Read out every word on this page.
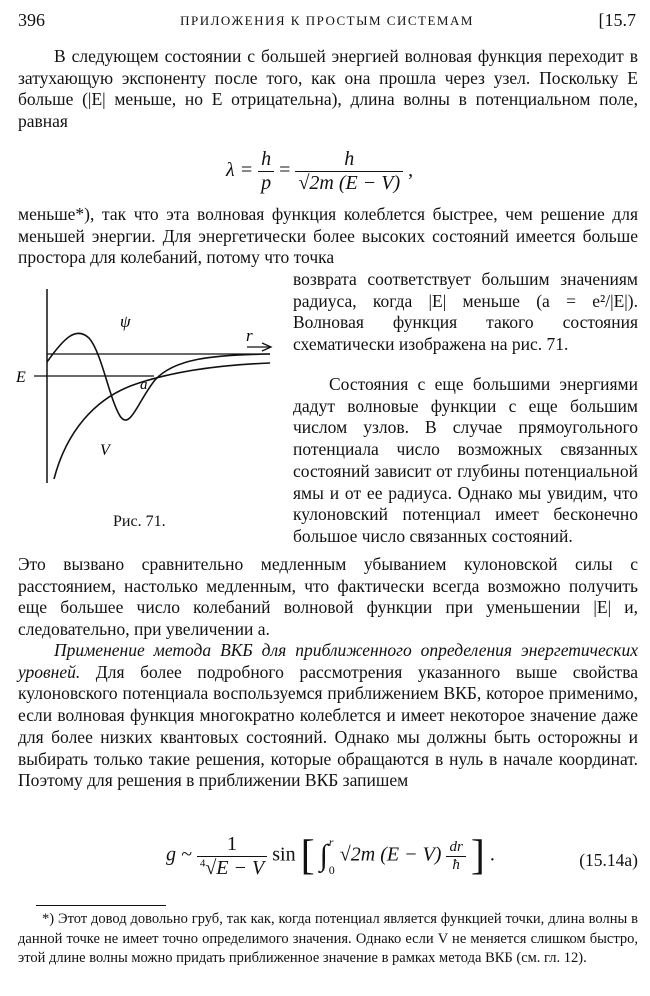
396	ПРИЛОЖЕНИЯ К ПРОСТЫМ СИСТЕМАМ	[15.7
В следующем состоянии с большей энергией волновая функция переходит в затухающую экспоненту после того, как она прошла через узел. Поскольку E больше (|E| меньше, но E отрицательна), длина волны в потенциальном поле, равная
$\lambda = \frac{h}{p} = \frac{h}{√2m (E - V)}$ ,
меньше*), так что эта волновая функция колеблется быстрее, чем решение для меньшей энергии. Для энергетически более высоких состояний имеется больше простора для колебаний, потому что точка
возврата соответствует большим значениям радиуса, когда |E| меньше (a = e²/|E|). Волновая функция такого состояния схематически изображена на рис. 71.
Состояния с еще большими энергиями дадут волновые функции с еще большим числом узлов. В случае прямоугольного потенциала число возможных связанных состояний зависит от глубины потенциальной ямы и от ее радиуса. Однако мы увидим, что кулоновский потенциал имеет бесконечно большое число связанных состояний.
ψ
r
E	a
V
Рис. 71.
Это вызвано сравнительно медленным убыванием кулоновской силы с расстоянием, настолько медленным, что фактически всегда возможно получить еще большее число колебаний волновой функции при уменьшении |E| и, следовательно, при увеличении a.
Применение метода ВКБ для приближенного определения энергетических уровней. Для более подробного рассмотрения указанного выше свойства кулоновского потенциала воспользуемся приближением ВКБ, которое применимо, если волновая функция многократно колеблется и имеет некоторое значение даже для более низких квантовых состояний. Однако мы должны быть осторожны и выбирать только такие решения, которые обращаются в нуль в начале координат. Поэтому для решения в приближении ВКБ запишем
g ~ $\frac{1}{^4√E - V}$ sin [ ∫ r
0
√2m $(E - V) \frac{dr}{ħ}$ ] .	(15.14a)
*) Этот довод довольно груб, так как, когда потенциал является функцией точки, длина волны в данной точке не имеет точно определимого значения. Однако если V не меняется слишком быстро, этой длине волны можно придать приближенное значение в рамках метода ВКБ (см. гл. 12).
